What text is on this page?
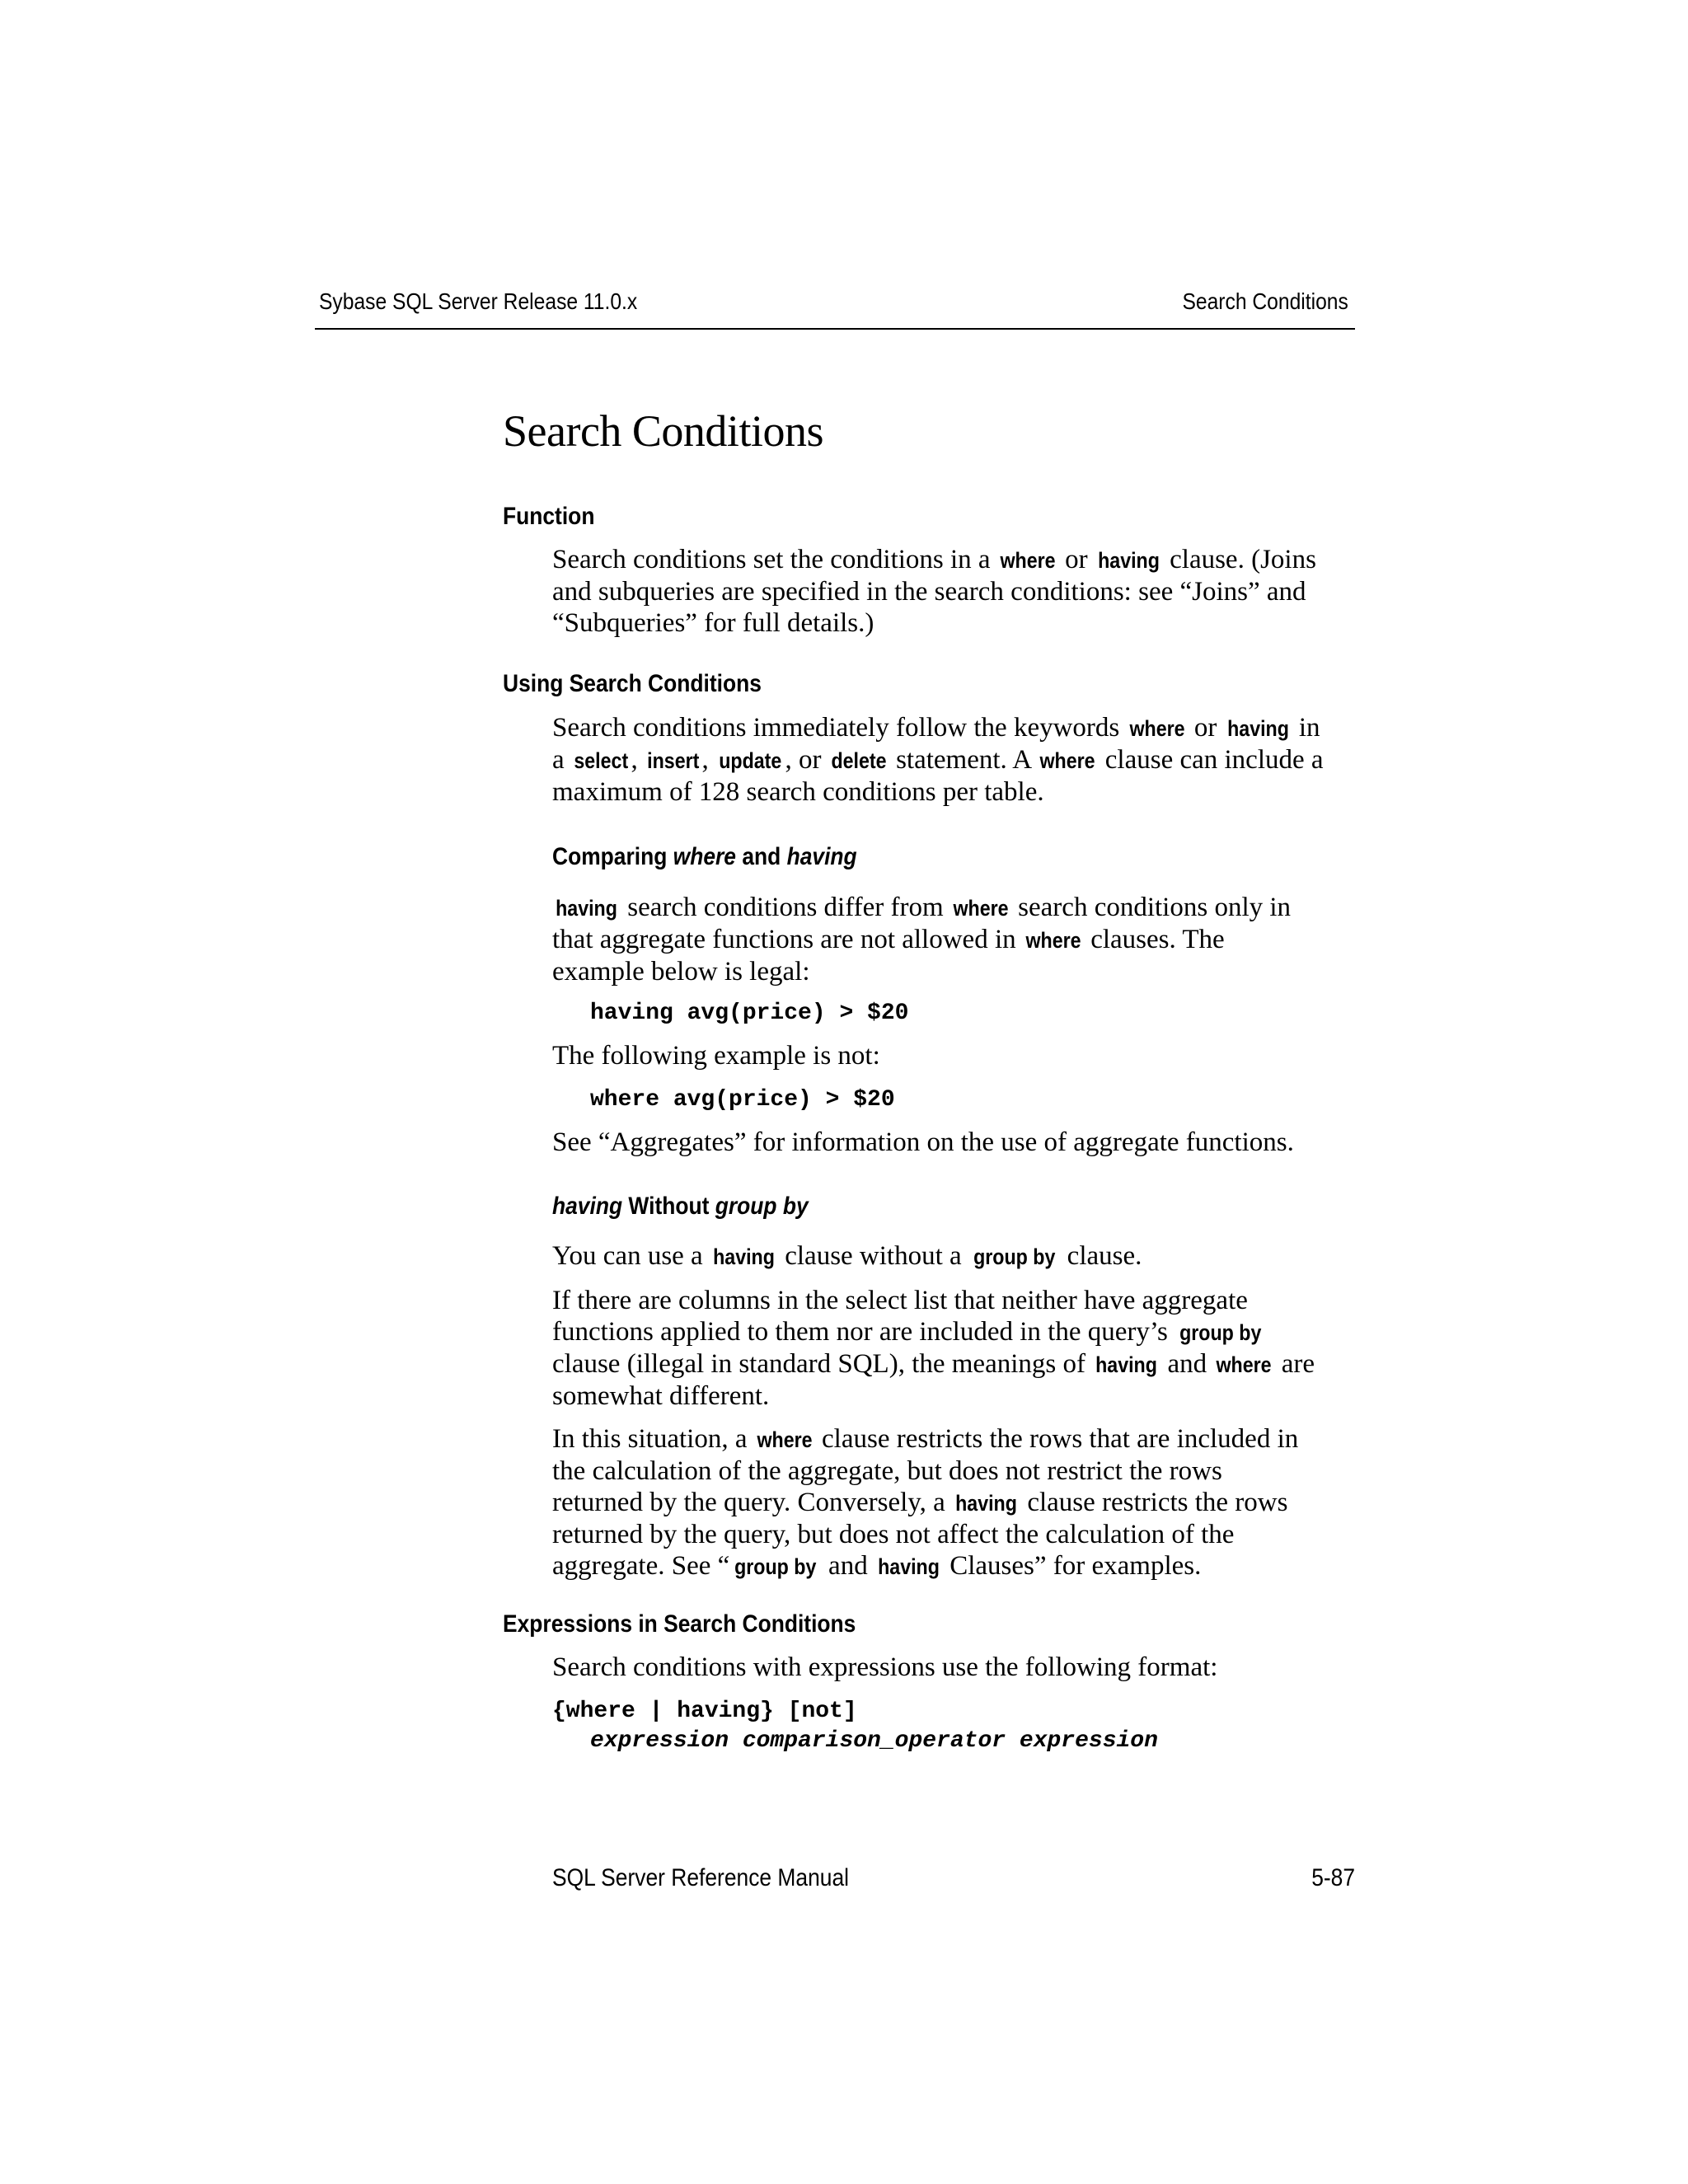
Sybase SQL Server Release 11.0.x	Search Conditions
Search Conditions
Function
Search conditions set the conditions in a where or having clause. (Joins
and subqueries are specified in the search conditions: see “Joins” and
“Subqueries” for full details.)
Using Search Conditions
Search conditions immediately follow the keywords where or having in
a select , insert, update , or delete statement. A where clause can include a
maximum of 128 search conditions per table.
Comparing where and having
having search conditions differ from where search conditions only in
that aggregate functions are not allowed in where clauses. The
example below is legal:
having avg(price) > $20
The following example is not:
where avg(price) > $20
See “Aggregates” for information on the use of aggregate functions.
having Without group by
You can use a having clause without a group by clause.
If there are columns in the select list that neither have aggregate
functions applied to them nor are included in the query’s group by
clause (illegal in standard SQL), the meanings of having and where are
somewhat different.
In this situation, a where clause restricts the rows that are included in
the calculation of the aggregate, but does not restrict the rows
returned by the query. Conversely, a having clause restricts the rows
returned by the query, but does not affect the calculation of the
aggregate. See “ group by and having Clauses” for examples.
Expressions in Search Conditions
Search conditions with expressions use the following format:
{where | having} [not]
expression comparison_operator expression
SQL Server Reference Manual	5-87
